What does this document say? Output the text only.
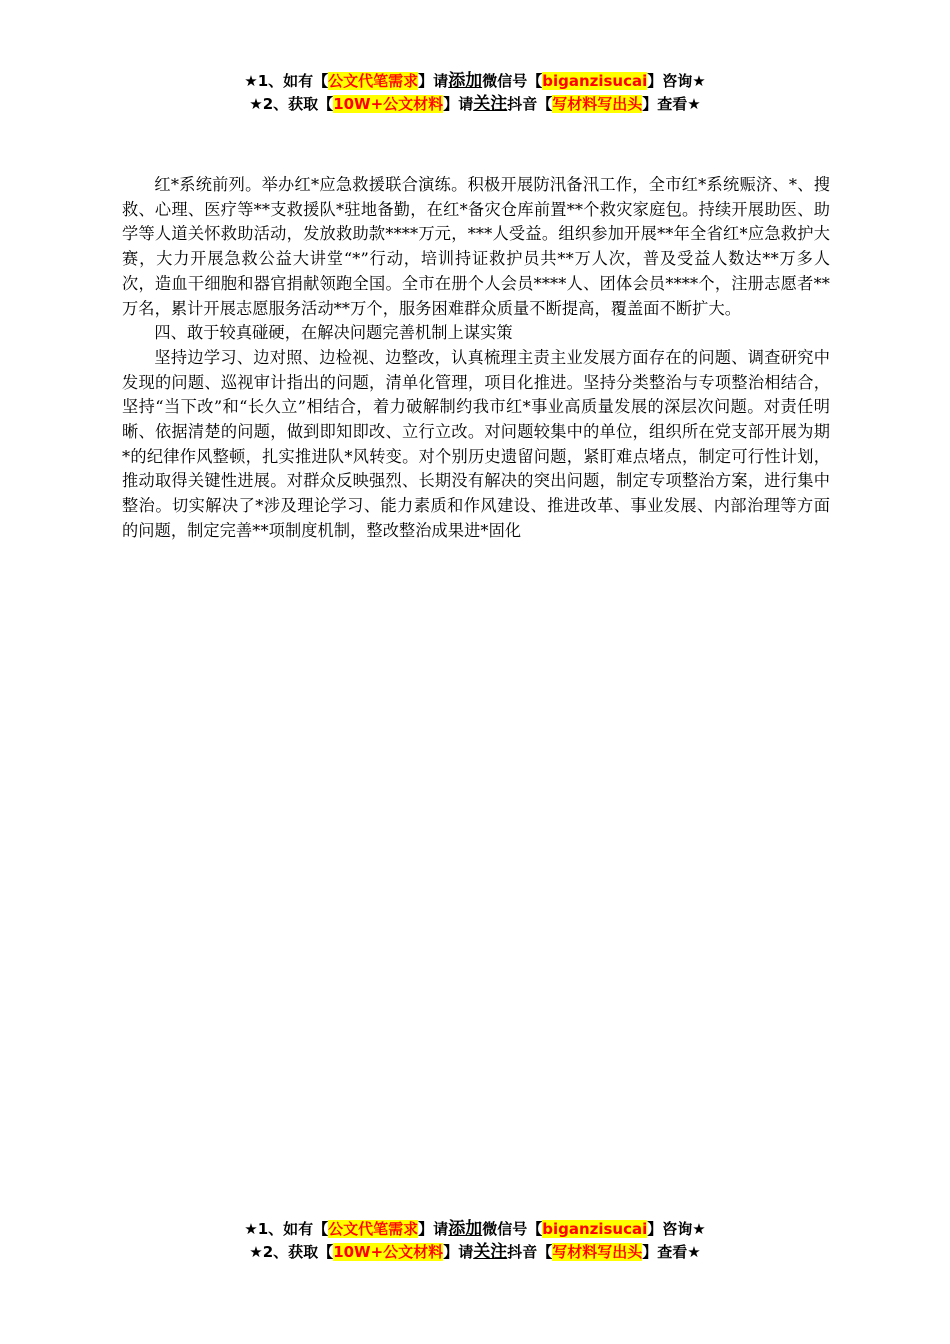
★1、如有【公文代笔需求】请添加微信号【biganzisucai】咨询★
★2、获取【10W+公文材料】请关注抖音【写材料写出头】查看★

红*系统前列。举办红*应急救援联合演练。积极开展防汛备汛工作，全市红*系统赈济、*、搜救、心理、医疗等**支救援队*驻地备勤，在红*备灾仓库前置**个救灾家庭包。持续开展助医、助学等人道关怀救助活动，发放救助款****万元，***人受益。组织参加开展**年全省红*应急救护大赛，大力开展急救公益大讲堂“*”行动，培训持证救护员共**万人次，普及受益人数达**万多人次，造血干细胞和器官捐献领跑全国。全市在册个人会员****人、团体会员****个，注册志愿者**万名，累计开展志愿服务活动**万个，服务困难群众质量不断提高，覆盖面不断扩大。

四、敢于较真碰硬，在解决问题完善机制上谋实策

坚持边学习、边对照、边检视、边整改，认真梳理主责主业发展方面存在的问题、调查研究中发现的问题、巡视审计指出的问题，清单化管理，项目化推进。坚持分类整治与专项整治相结合，坚持“当下改”和“长久立”相结合，着力破解制约我市红*事业高质量发展的深层次问题。对责任明晰、依据清楚的问题，做到即知即改、立行立改。对问题较集中的单位，组织所在党支部开展为期*的纪律作风整顿，扎实推进队*风转变。对个别历史遗留问题，紧盯难点堵点，制定可行性计划，推动取得关键性进展。对群众反映强烈、长期没有解决的突出问题，制定专项整治方案，进行集中整治。切实解决了*涉及理论学习、能力素质和作风建设、推进改革、事业发展、内部治理等方面的问题，制定完善**项制度机制，整改整治成果进*固化

★1、如有【公文代笔需求】请添加微信号【biganzisucai】咨询★
★2、获取【10W+公文材料】请关注抖音【写材料写出头】查看★
